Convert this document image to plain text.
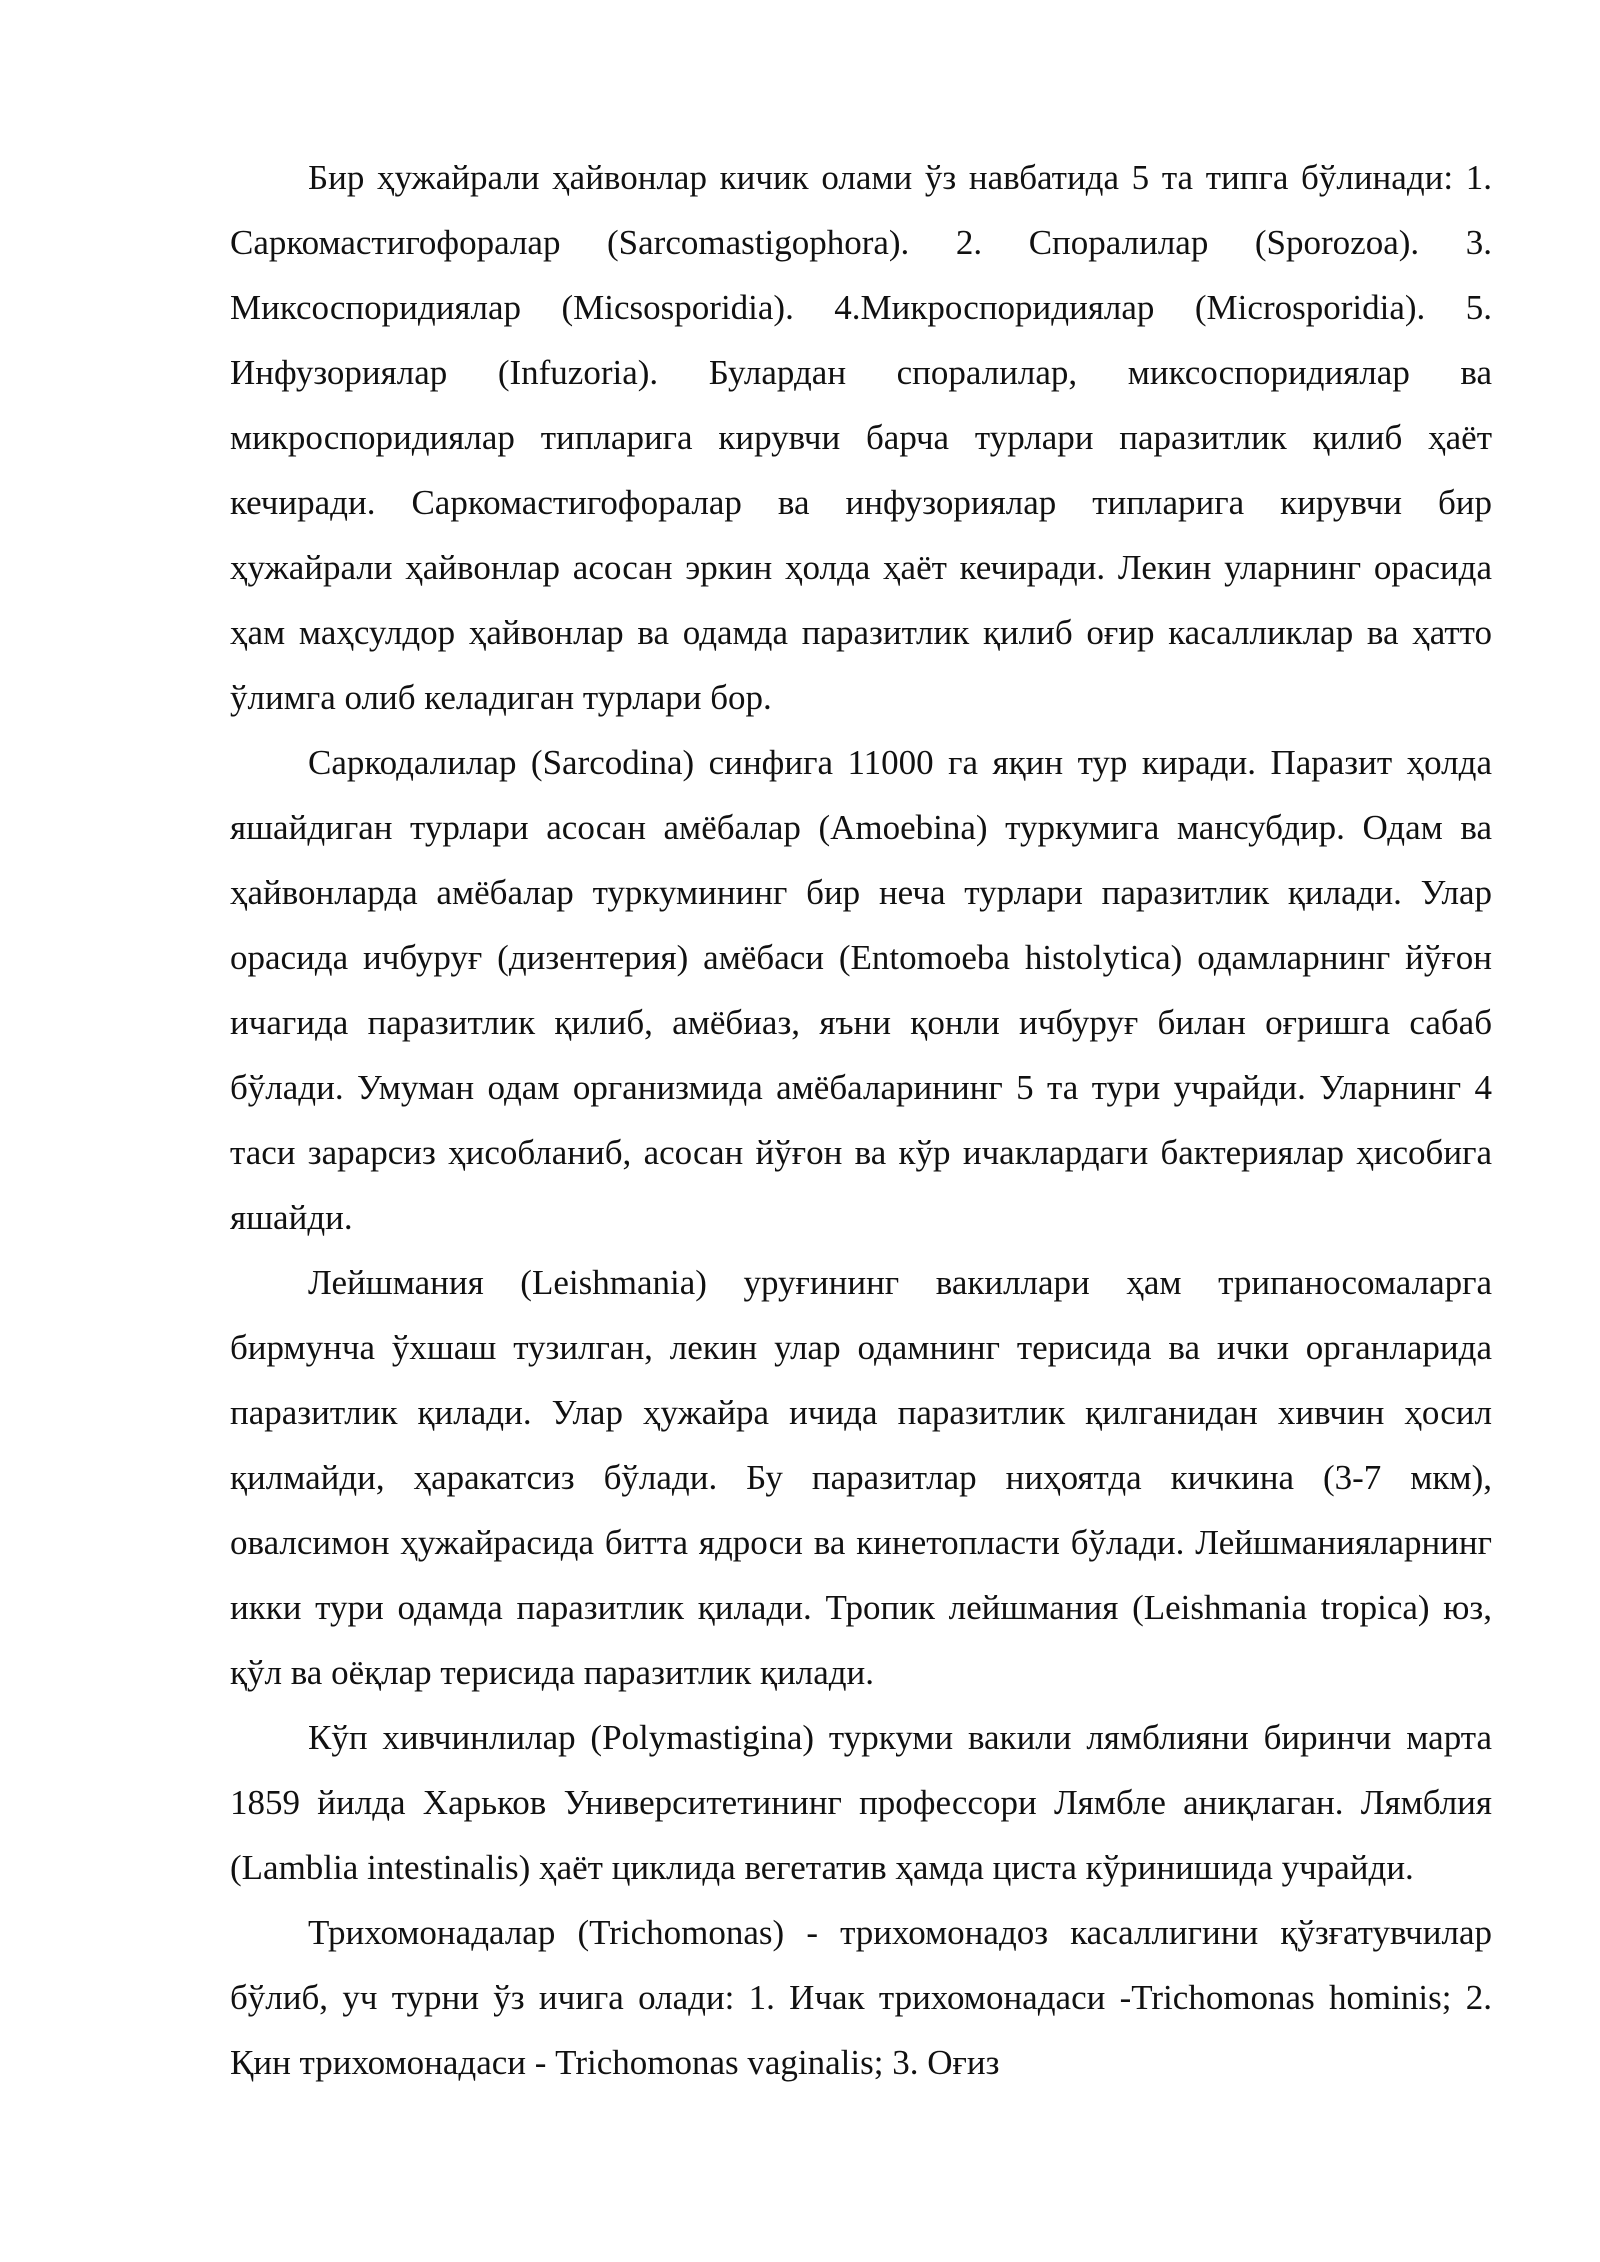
Бир ҳужайрали ҳайвонлар кичик олами ўз навбатида 5 та типга бўлинади: 1. Саркомастигофоралар (Sarcomastigophora). 2. Споралилар (Sporozoa). 3. Миксоспоридиялар (Micsosporidia). 4.Микроспоридиялар (Microsporidia). 5. Инфузориялар (Infuzoria). Булардан споралилар, миксоспоридиялар ва микроспоридиялар типларига кирувчи барча турлари паразитлик қилиб ҳаёт кечиради. Саркомастигофоралар ва инфузориялар типларига кирувчи бир ҳужайрали ҳайвонлар асосан эркин ҳолда ҳаёт кечиради. Лекин уларнинг орасида ҳам маҳсулдор ҳайвонлар ва одамда паразитлик қилиб оғир касалликлар ва ҳатто ўлимга олиб келадиган турлари бор.

Саркодалилар (Sarcodina) синфига 11000 га яқин тур киради. Паразит ҳолда яшайдиган турлари асосан амёбалар (Amoebina) туркумига мансубдир. Одам ва ҳайвонларда амёбалар туркумининг бир неча турлари паразитлик қилади. Улар орасида ичбуруғ (дизентерия) амёбаси (Entomoeba histolytica) одамларнинг йўғон ичагида паразитлик қилиб, амёбиаз, яъни қонли ичбуруғ билан оғришга сабаб бўлади. Умуман одам организмида амёбаларининг 5 та тури учрайди. Уларнинг 4 таси зарарсиз ҳисобланиб, асосан йўғон ва кўр ичаклардаги бактериялар ҳисобига яшайди.

Лейшмания (Leishmania) уруғининг вакиллари ҳам трипаносомаларга бирмунча ўхшаш тузилган, лекин улар одамнинг терисида ва ички органларида паразитлик қилади. Улар ҳужайра ичида паразитлик қилганидан хивчин ҳосил қилмайди, ҳаракатсиз бўлади. Бу паразитлар ниҳоятда кичкина (3-7 мкм), овалсимон ҳужайрасида битта ядроси ва кинетопласти бўлади. Лейшманияларнинг икки тури одамда паразитлик қилади. Тропик лейшмания (Leishmania tropica) юз, қўл ва оёқлар терисида паразитлик қилади.

Кўп хивчинлилар (Polymastigina) туркуми вакили лямблияни биринчи марта 1859 йилда Харьков Университетининг профессори Лямбле аниқлаган. Лямблия (Lamblia intestinalis) ҳаёт циклида вегетатив ҳамда циста кўринишида учрайди.

Трихомонадалар (Trichomonas) - трихомонадоз касаллигини қўзғатувчилар бўлиб, уч турни ўз ичига олади: 1. Ичак трихомонадаси -Trichomonas hominis; 2. Қин трихомонадаси - Trichomonas vaginalis; 3. Оғиз
